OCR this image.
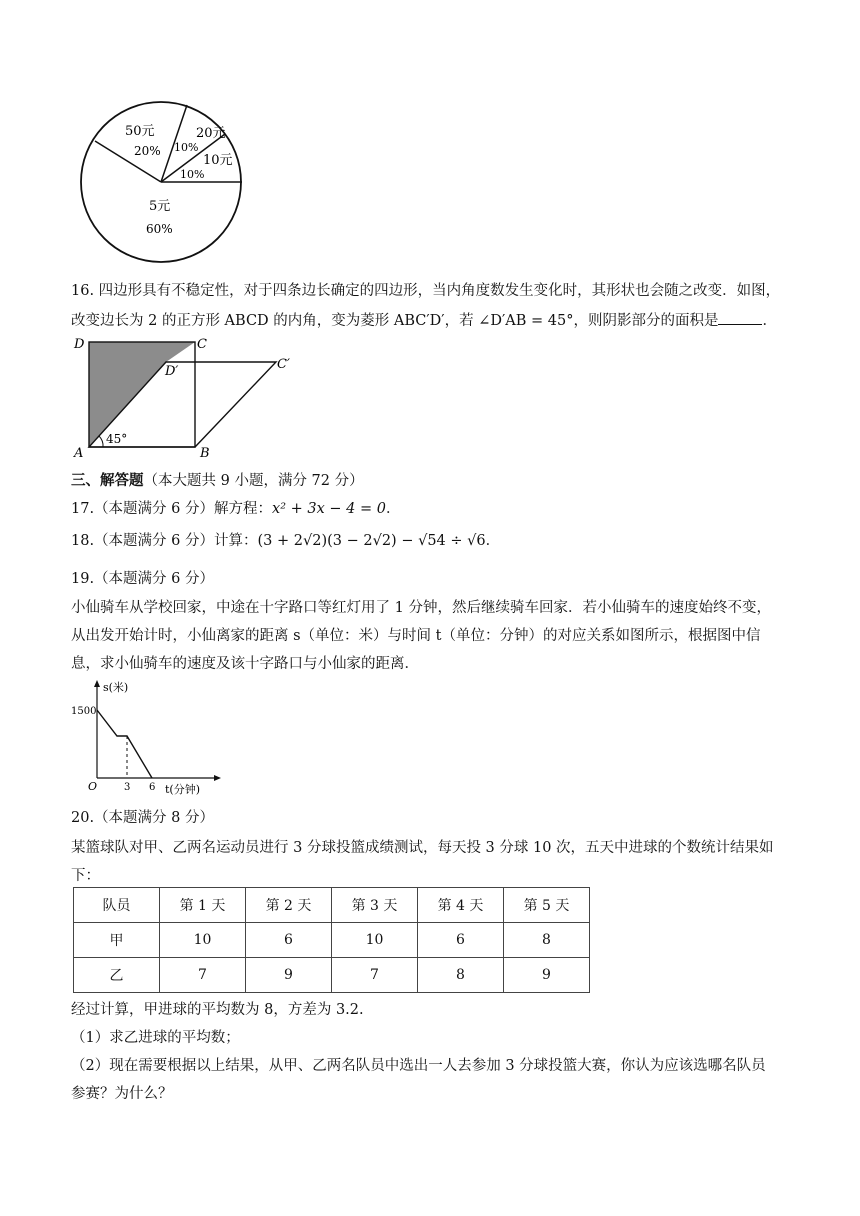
50元
20%
20元
10%
10元
10%
5元
60%
16. 四边形具有不稳定性，对于四条边长确定的四边形，当内角度数发生变化时，其形状也会随之改变．如图，
改变边长为 2 的正方形 ABCD 的内角，变为菱形 ABC′D′，若 ∠D′AB = 45°，则阴影部分的面积是	．
D	C
D′	C′
A	B
45°
三、解答题（本大题共 9 小题，满分 72 分）
17.（本题满分 6 分）解方程：x² + 3x − 4 = 0．
18.（本题满分 6 分）计算：(3 + 2√2)(3 − 2√2) − √54 ÷ √6．
19.（本题满分 6 分）
小仙骑车从学校回家，中途在十字路口等红灯用了 1 分钟，然后继续骑车回家．若小仙骑车的速度始终不变，
从出发开始计时，小仙离家的距离 s（单位：米）与时间 t（单位：分钟）的对应关系如图所示，根据图中信
息，求小仙骑车的速度及该十字路口与小仙家的距离．
s(米)
1500
O	3 6 t(分钟)
20.（本题满分 8 分）
某篮球队对甲、乙两名运动员进行 3 分球投篮成绩测试，每天投 3 分球 10 次，五天中进球的个数统计结果如
下：
队员	第 1 天	第 2 天	第 3 天	第 4 天	第 5 天
甲	10	6	10	6	8
乙	7	9	7	8	9
经过计算，甲进球的平均数为 8，方差为 3.2.
（1）求乙进球的平均数；
（2）现在需要根据以上结果，从甲、乙两名队员中选出一人去参加 3 分球投篮大赛，你认为应该选哪名队员
参赛？为什么？
